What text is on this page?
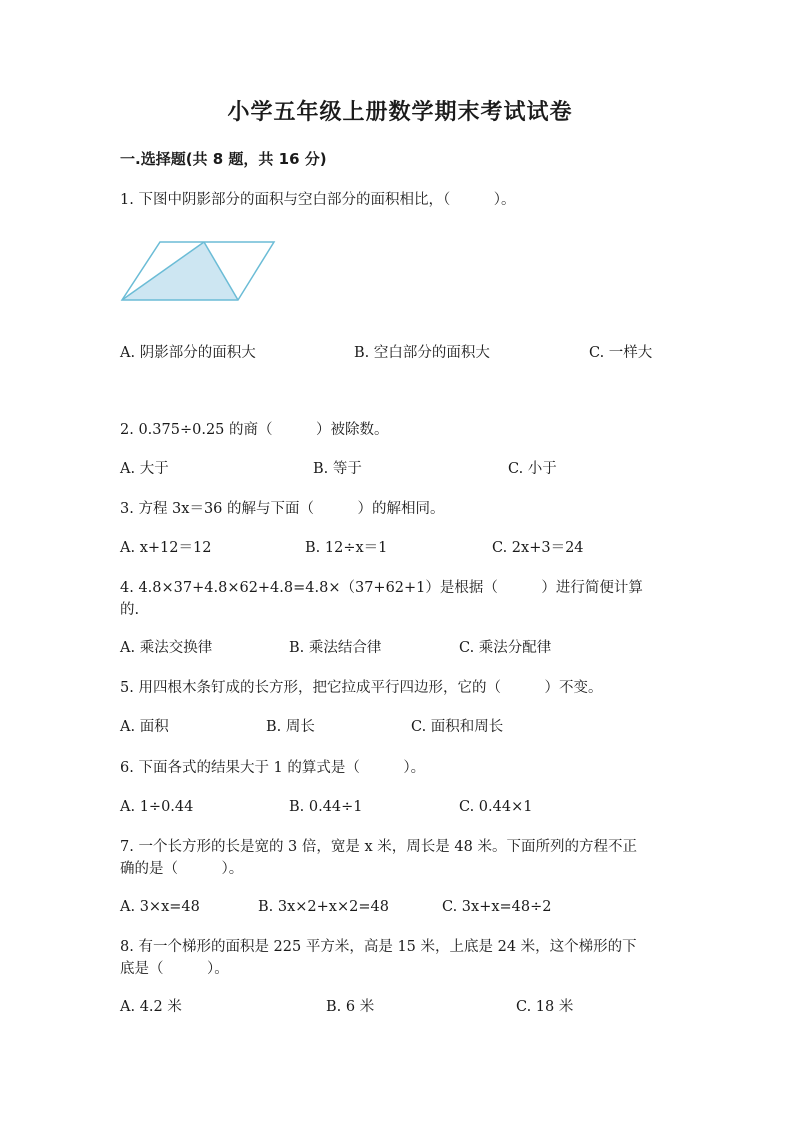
小学五年级上册数学期末考试试卷
一.选择题(共 8 题，共 16 分)
1. 下图中阴影部分的面积与空白部分的面积相比，（　　　）。
A. 阴影部分的面积大	B. 空白部分的面积大	C. 一样大
2. 0.375÷0.25 的商（　　　）被除数。
A. 大于	B. 等于	C. 小于
3. 方程 3x＝36 的解与下面（　　　）的解相同。
A. x+12＝12	B. 12÷x＝1	C. 2x+3＝24
4. 4.8×37+4.8×62+4.8=4.8×（37+62+1）是根据（　　　）进行简便计算
的.
A. 乘法交换律	B. 乘法结合律	C. 乘法分配律
5. 用四根木条钉成的长方形，把它拉成平行四边形，它的（　　　）不变。
A. 面积	B. 周长	C. 面积和周长
6. 下面各式的结果大于 1 的算式是（　　　）。
A. 1÷0.44	B. 0.44÷1	C. 0.44×1
7. 一个长方形的长是宽的 3 倍，宽是 x 米，周长是 48 米。下面所列的方程不正
确的是（　　　）。
A. 3×x=48	B. 3x×2+x×2=48	C. 3x+x=48÷2
8. 有一个梯形的面积是 225 平方米，高是 15 米，上底是 24 米，这个梯形的下
底是（　　　）。
A. 4.2 米	B. 6 米	C. 18 米
